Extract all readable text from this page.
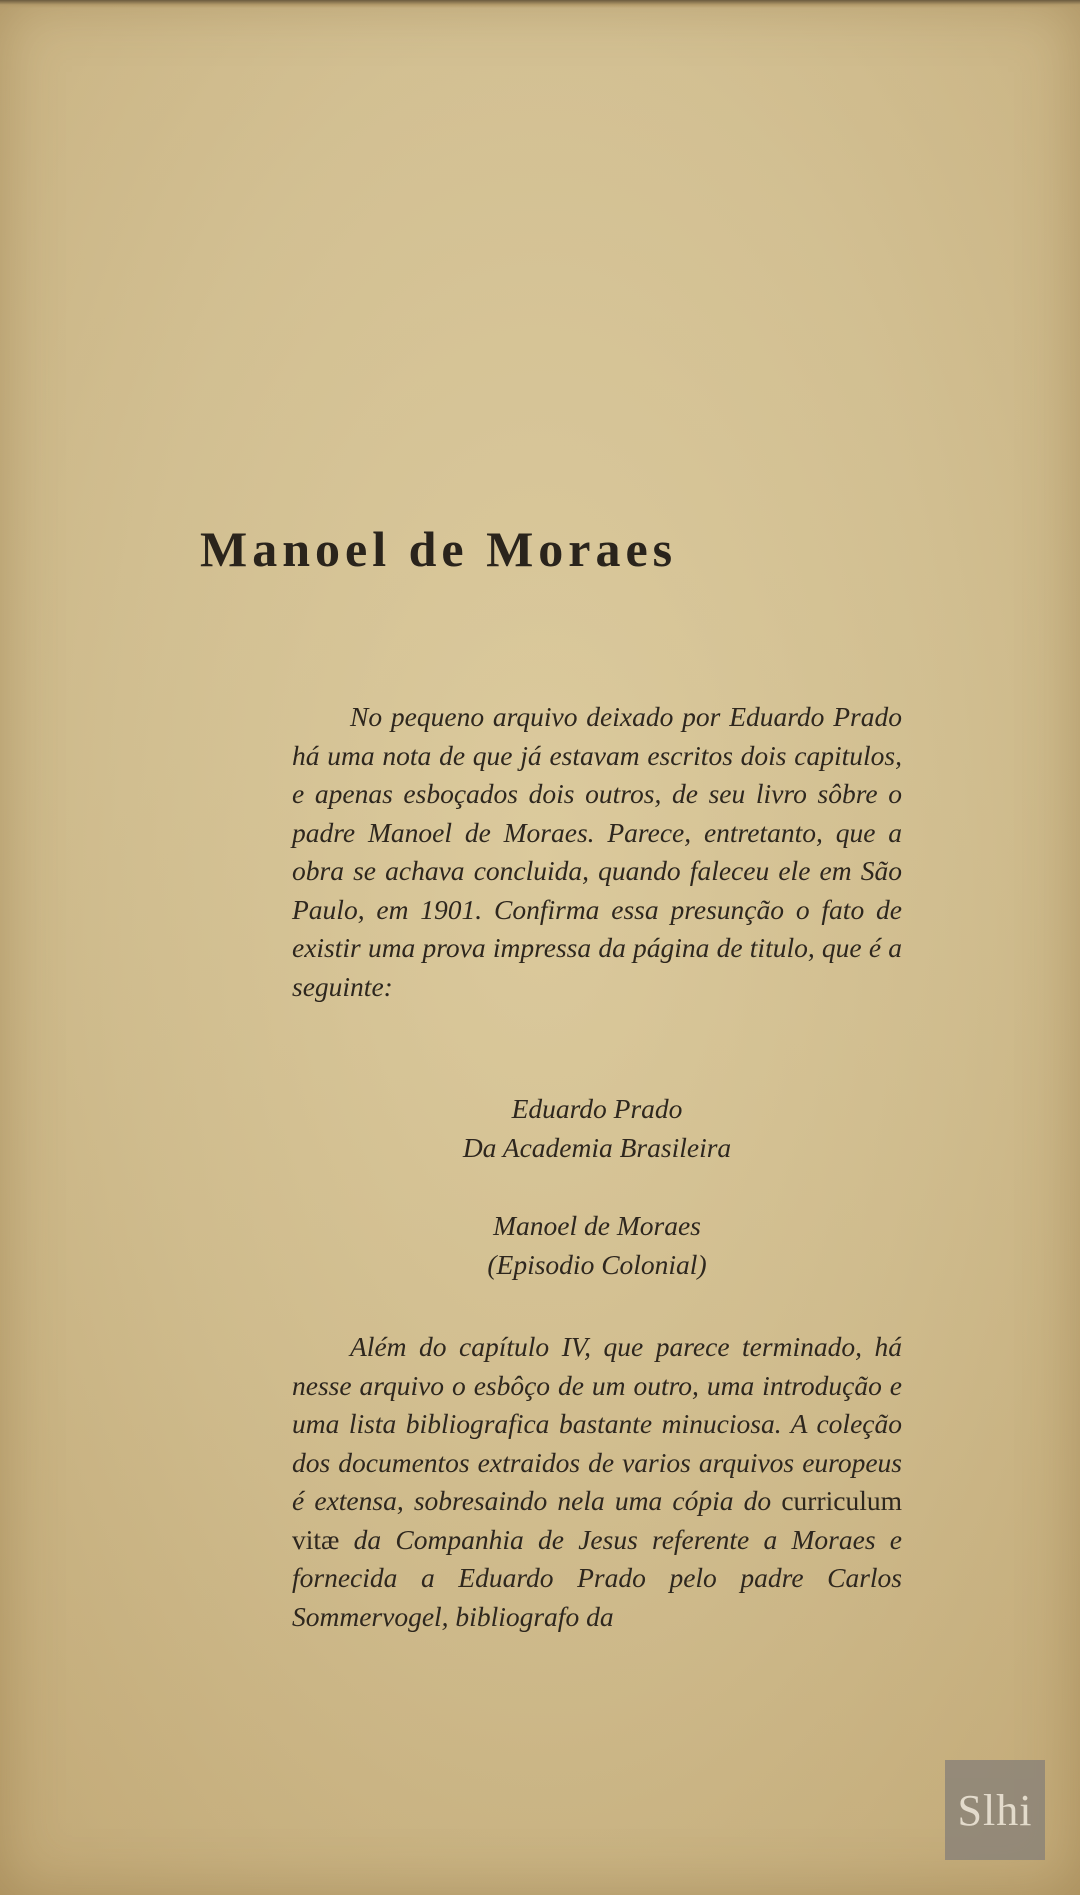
Manoel de Moraes

No pequeno arquivo deixado por Eduardo Prado há uma nota de que já estavam escritos dois capitulos, e apenas esboçados dois outros, de seu livro sôbre o padre Manoel de Moraes. Parece, entretanto, que a obra se achava concluida, quando faleceu ele em São Paulo, em 1901. Confirma essa presunção o fato de existir uma prova impressa da página de titulo, que é a seguinte:

Eduardo Prado
Da Academia Brasileira
Manoel de Moraes
(Episodio Colonial)

Além do capítulo IV, que parece terminado, há nesse arquivo o esbôço de um outro, uma introdução e uma lista bibliografica bastante minuciosa. A coleção dos documentos extraidos de varios arquivos europeus é extensa, sobresaindo nela uma cópia do curriculum vitæ da Companhia de Jesus referente a Moraes e fornecida a Eduardo Prado pelo padre Carlos Sommervogel, bibliografo da

Slhi
